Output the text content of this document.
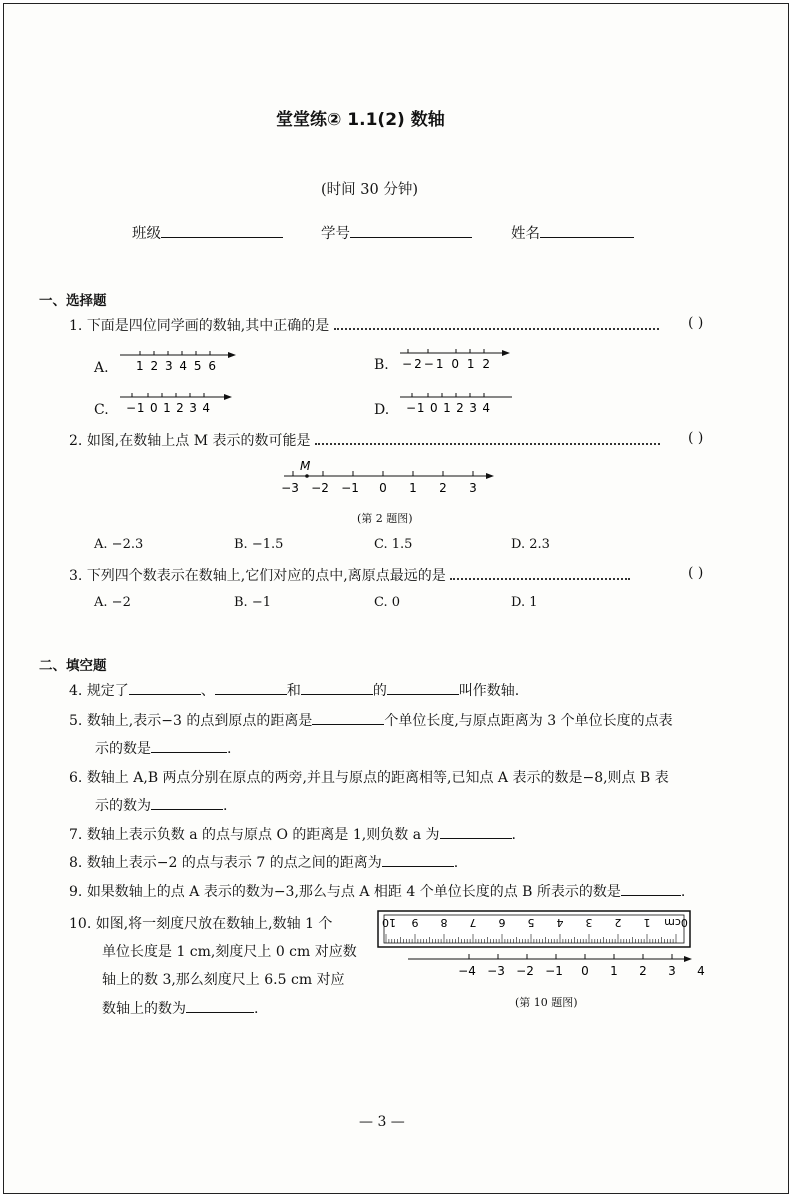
堂堂练② 1.1(2) 数轴
(时间 30 分钟)
班级	学号	姓名
一、选择题
1. 下面是四位同学画的数轴,其中正确的是	( )
A. 1 2 3 4 5 6	B. −2−1 0 1 2
C. −1 0 1 2 3 4	D. −1 0 1 2 3 4
2. 如图,在数轴上点 M 表示的数可能是	( )
M
−3 −2 −1 0 1 2 3
(第 2 题图)
A. −2.3	B. −1.5	C. 1.5	D. 2.3
3. 下列四个数表示在数轴上,它们对应的点中,离原点最远的是	( )
A. −2	B. −1	C. 0	D. 1
二、填空题
4. 规定了	、	和	的	叫作数轴.
5. 数轴上,表示−3 的点到原点的距离是	个单位长度,与原点距离为 3 个单位长度的点表
示的数是	.
6. 数轴上 A,B 两点分别在原点的两旁,并且与原点的距离相等,已知点 A 表示的数是−8,则点 B 表
示的数为	.
7. 数轴上表示负数 a 的点与原点 O 的距离是 1,则负数 a 为	.
8. 数轴上表示−2 的点与表示 7 的点之间的距离为	.
9. 如果数轴上的点 A 表示的数为−3,那么与点 A 相距 4 个单位长度的点 B 所表示的数是	.
10. 如图,将一刻度尺放在数轴上,数轴 1 个
单位长度是 1 cm,刻度尺上 0 cm 对应数
轴上的数 3,那么刻度尺上 6.5 cm 对应
数轴上的数为	.
0cm
1
2
3
4
5
6
7
8
9
10
−4 −3 −2 −1 0 1 2 3 4
(第 10 题图)
— 3 —
